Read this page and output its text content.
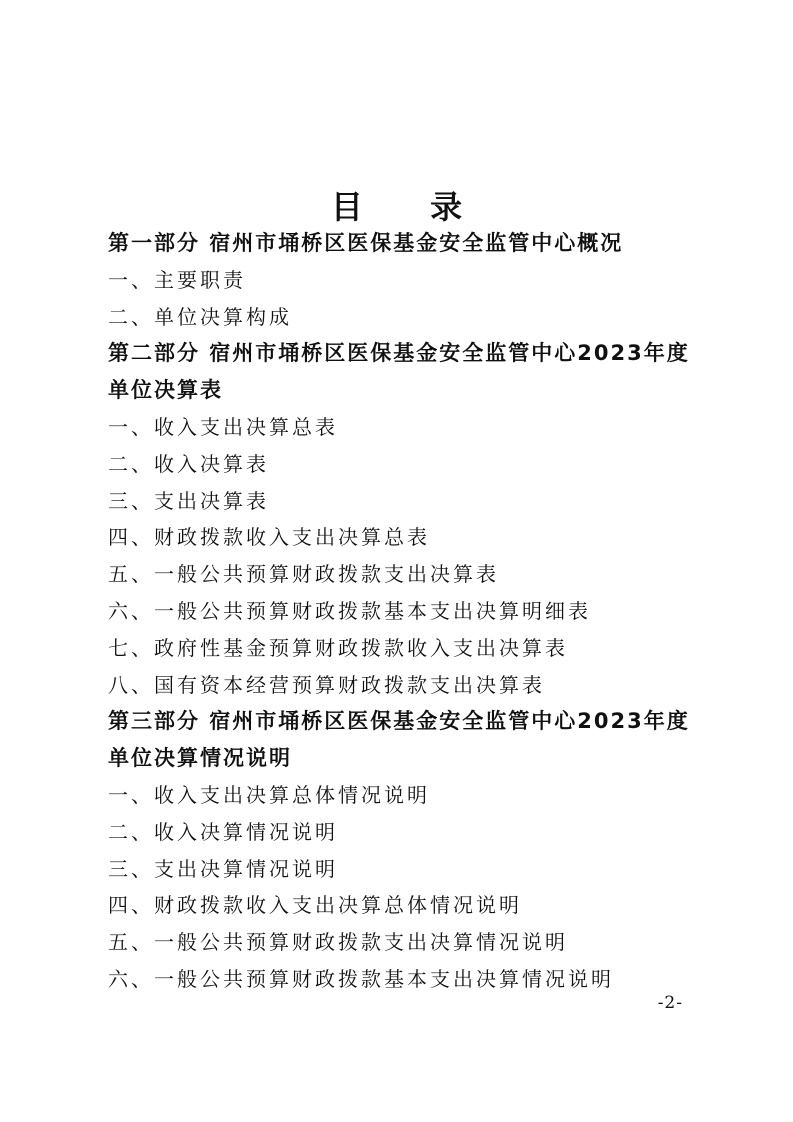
目 录
第一部分 宿州市埇桥区医保基金安全监管中心概况
一、主要职责
二、单位决算构成
第二部分 宿州市埇桥区医保基金安全监管中心2023年度单位决算表
一、收入支出决算总表
二、收入决算表
三、支出决算表
四、财政拨款收入支出决算总表
五、一般公共预算财政拨款支出决算表
六、一般公共预算财政拨款基本支出决算明细表
七、政府性基金预算财政拨款收入支出决算表
八、国有资本经营预算财政拨款支出决算表
第三部分 宿州市埇桥区医保基金安全监管中心2023年度单位决算情况说明
一、收入支出决算总体情况说明
二、收入决算情况说明
三、支出决算情况说明
四、财政拨款收入支出决算总体情况说明
五、一般公共预算财政拨款支出决算情况说明
六、一般公共预算财政拨款基本支出决算情况说明
-2-
